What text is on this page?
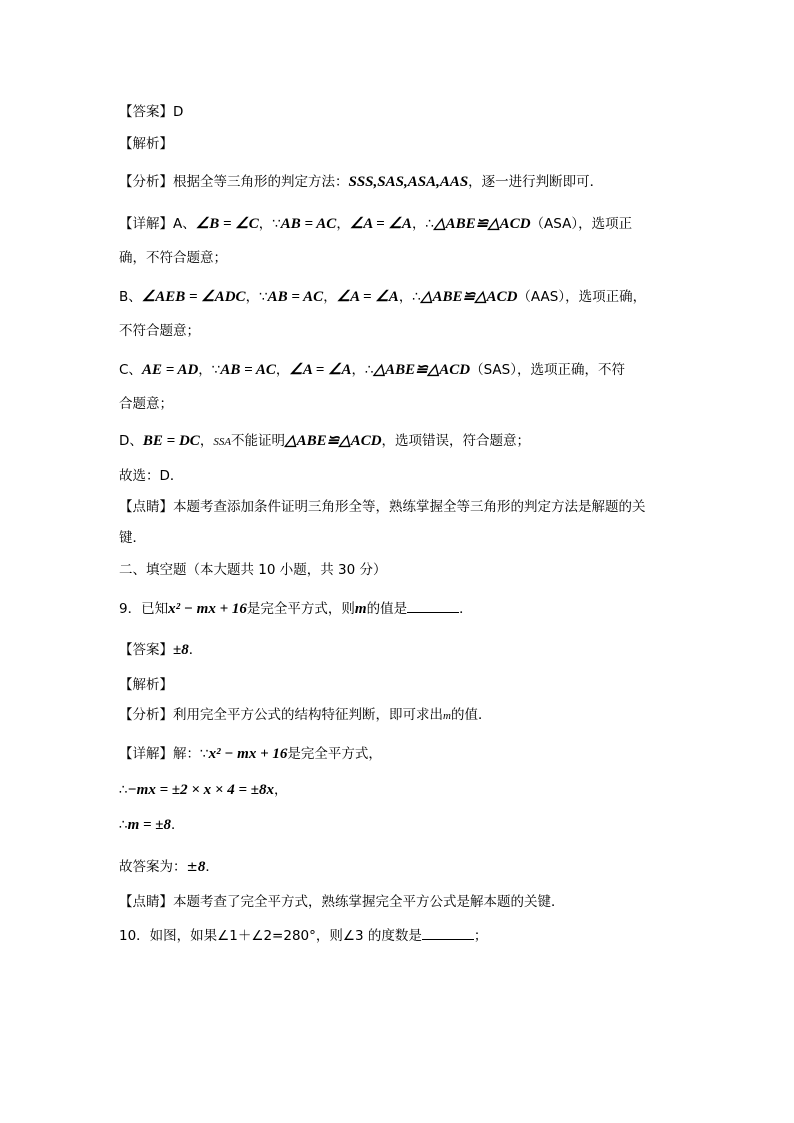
【答案】D
【解析】
【分析】根据全等三角形的判定方法：SSS,SAS,ASA,AAS，逐一进行判断即可．
【详解】A、∠B = ∠C，∵AB = AC，∠A = ∠A，∴△ABE≌△ACD（ASA），选项正
确，不符合题意；
B、∠AEB = ∠ADC，∵AB = AC，∠A = ∠A，∴△ABE≌△ACD（AAS），选项正确，
不符合题意；
C、AE = AD，∵AB = AC，∠A = ∠A，∴△ABE≌△ACD（SAS），选项正确，不符
合题意；
D、BE = DC，SSA不能证明△ABE≌△ACD，选项错误，符合题意；
故选：D．
【点睛】本题考查添加条件证明三角形全等，熟练掌握全等三角形的判定方法是解题的关
键．
二、填空题（本大题共 10 小题，共 30 分）
9．已知x² − mx + 16是完全平方式，则m的值是	．
【答案】±8．
【解析】
【分析】利用完全平方公式的结构特征判断，即可求出m的值．
【详解】解：∵x² − mx + 16是完全平方式，
∴−mx = ±2 × x × 4 = ±8x，
∴m = ±8．
故答案为：±8．
【点睛】本题考查了完全平方式，熟练掌握完全平方公式是解本题的关键．
10．如图，如果∠1＋∠2=280°，则∠3 的度数是	；
